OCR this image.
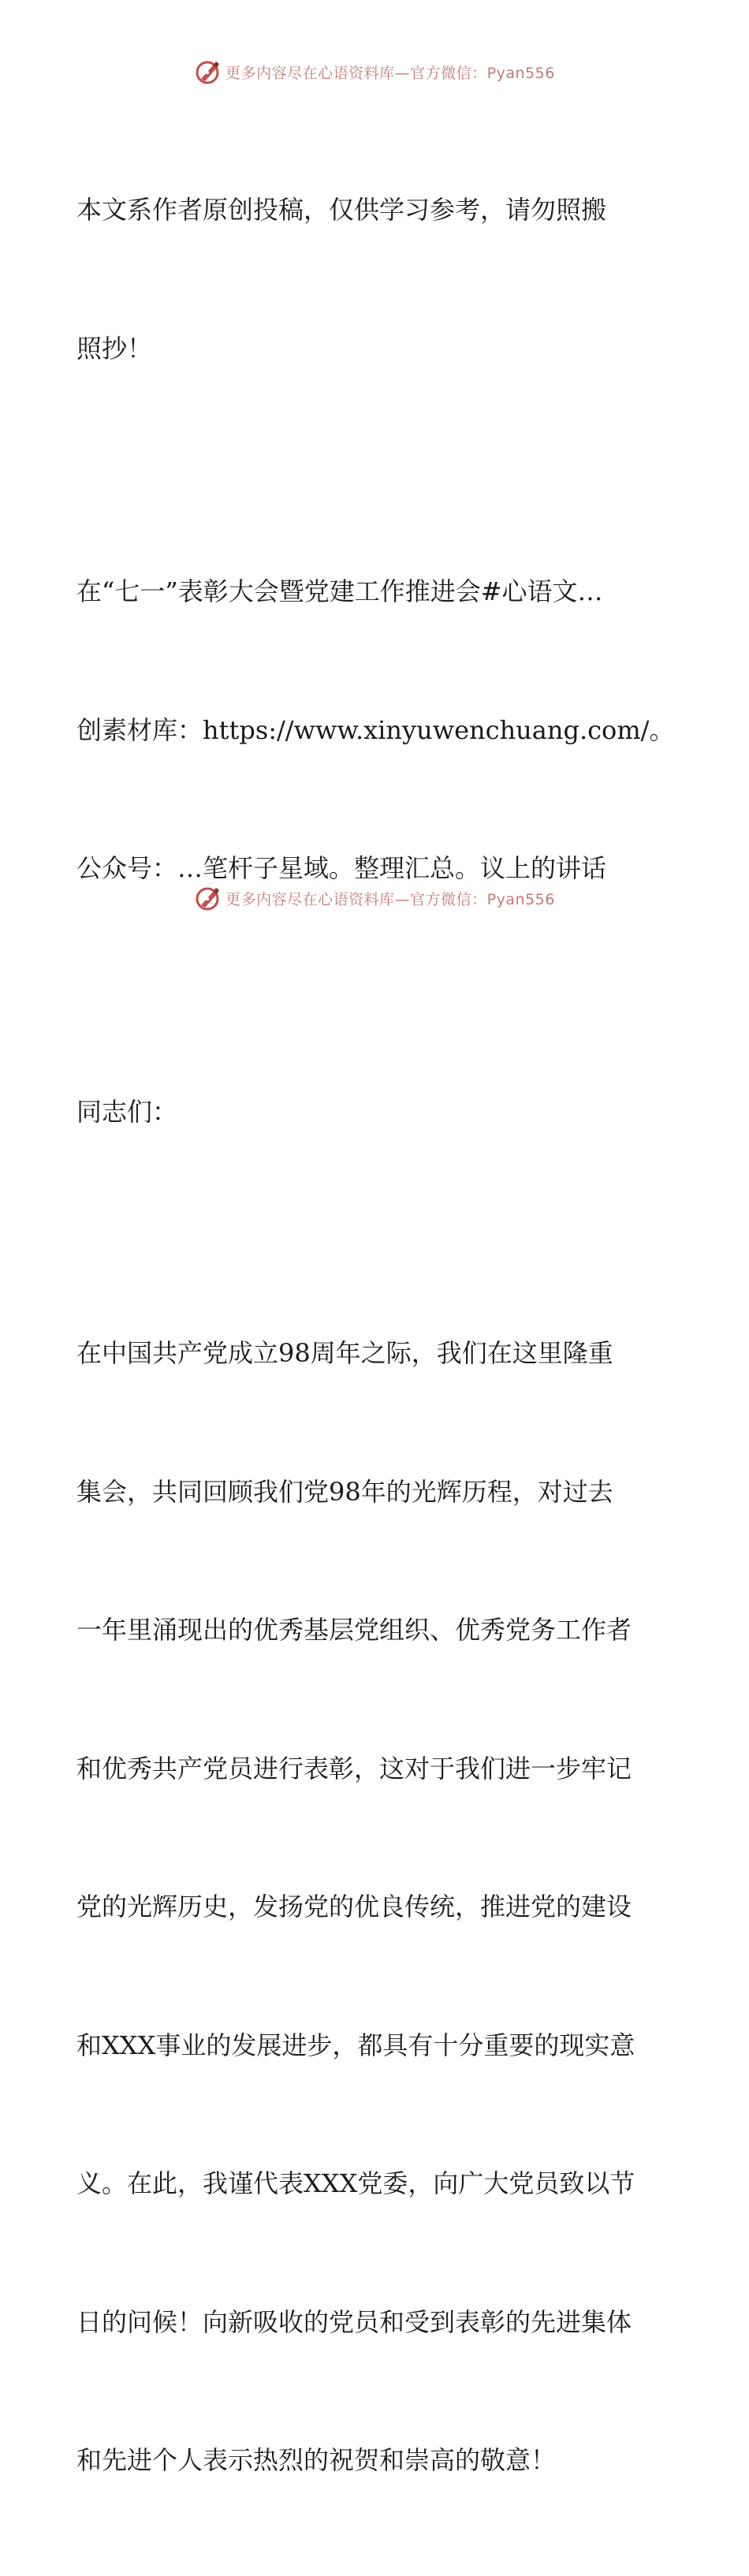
更多内容尽在心语资料库—官方微信：Pyan556

本文系作者原创投稿，仅供学习参考，请勿照搬

照抄！

在“七一”表彰大会暨党建工作推进会#心语文…

创素材库：https://www.xinyuwenchuang.com/。

公众号：…笔杆子星域。整理汇总。议上的讲话

同志们：

在中国共产党成立98周年之际，我们在这里隆重

集会，共同回顾我们党98年的光辉历程，对过去

一年里涌现出的优秀基层党组织、优秀党务工作者

和优秀共产党员进行表彰，这对于我们进一步牢记

党的光辉历史，发扬党的优良传统，推进党的建设

和XXX事业的发展进步，都具有十分重要的现实意

义。在此，我谨代表XXX党委，向广大党员致以节

日的问候！向新吸收的党员和受到表彰的先进集体

和先进个人表示热烈的祝贺和崇高的敬意！

更多内容尽在心语资料库—官方微信：Pyan556
